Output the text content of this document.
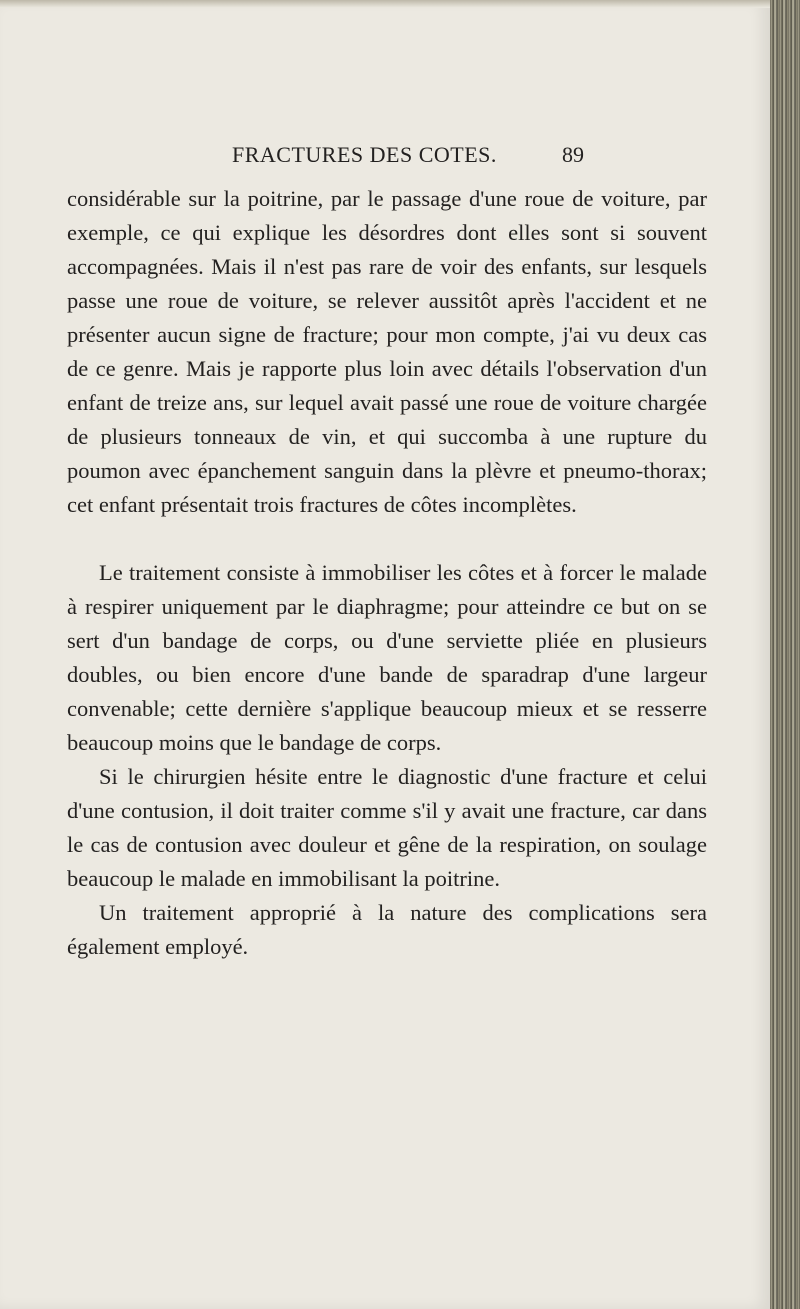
FRACTURES DES COTES.	89

considérable sur la poitrine, par le passage d'une roue de voiture, par exemple, ce qui explique les désordres dont elles sont si souvent accompagnées. Mais il n'est pas rare de voir des enfants, sur lesquels passe une roue de voiture, se relever aussitôt après l'accident et ne présenter aucun signe de fracture; pour mon compte, j'ai vu deux cas de ce genre. Mais je rapporte plus loin avec détails l'observation d'un enfant de treize ans, sur lequel avait passé une roue de voiture chargée de plusieurs tonneaux de vin, et qui succomba à une rupture du poumon avec épanchement sanguin dans la plèvre et pneumo-thorax; cet enfant présentait trois fractures de côtes incomplètes.

Le traitement consiste à immobiliser les côtes et à forcer le malade à respirer uniquement par le diaphragme; pour atteindre ce but on se sert d'un bandage de corps, ou d'une serviette pliée en plusieurs doubles, ou bien encore d'une bande de sparadrap d'une largeur convenable; cette dernière s'applique beaucoup mieux et se resserre beaucoup moins que le bandage de corps.

Si le chirurgien hésite entre le diagnostic d'une fracture et celui d'une contusion, il doit traiter comme s'il y avait une fracture, car dans le cas de contusion avec douleur et gêne de la respiration, on soulage beaucoup le malade en immobilisant la poitrine.

Un traitement approprié à la nature des complications sera également employé.
